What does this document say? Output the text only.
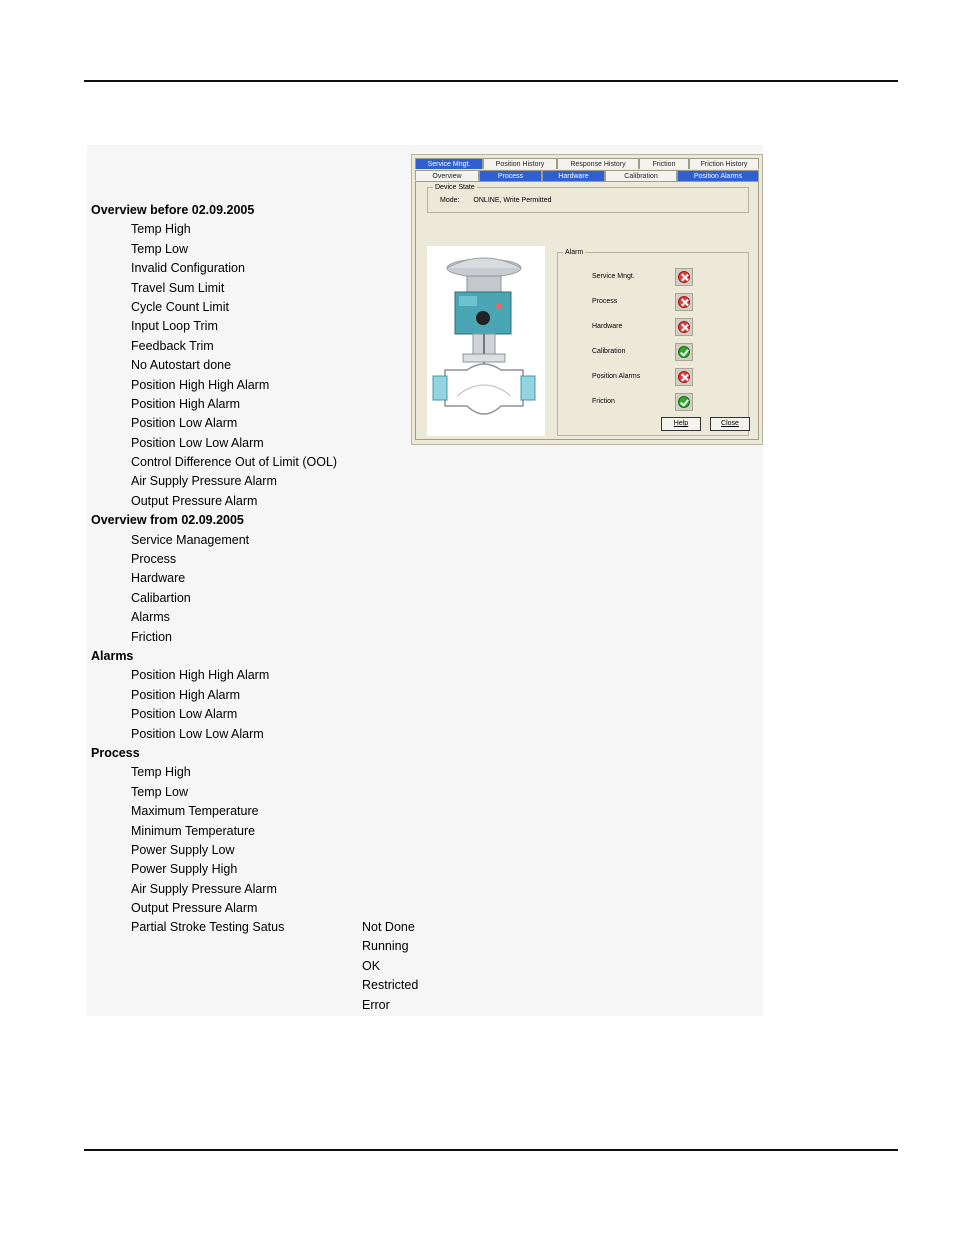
Overview before 02.09.2005
Temp High
Temp Low
Invalid Configuration
Travel Sum Limit
Cycle Count Limit
Input Loop Trim
Feedback Trim
No Autostart done
Position High High Alarm
Position High Alarm
Position Low Alarm
Position Low Low Alarm
Control Difference Out of Limit (OOL)
Air Supply Pressure Alarm
Output Pressure Alarm
Overview from 02.09.2005
Service Management
Process
Hardware
Calibartion
Alarms
Friction
Alarms
Position High High Alarm
Position High Alarm
Position Low Alarm
Position Low Low Alarm
Process
Temp High
Temp Low
Maximum Temperature
Minimum Temperature
Power Supply Low
Power Supply High
Air Supply Pressure Alarm
Output Pressure Alarm
Partial Stroke Testing Satus	Not Done
Running
OK
Restricted
Error
Service Mngt.	Position History	Response History	Friction	Friction History
Overview	Process	Hardware	Calibration	Position Alarms
Device State
Mode: ONLINE, Write Permitted
Alarm
Service Mngt.
Process
Hardware
Calibration
Position Alarms
Friction
Help	Close
